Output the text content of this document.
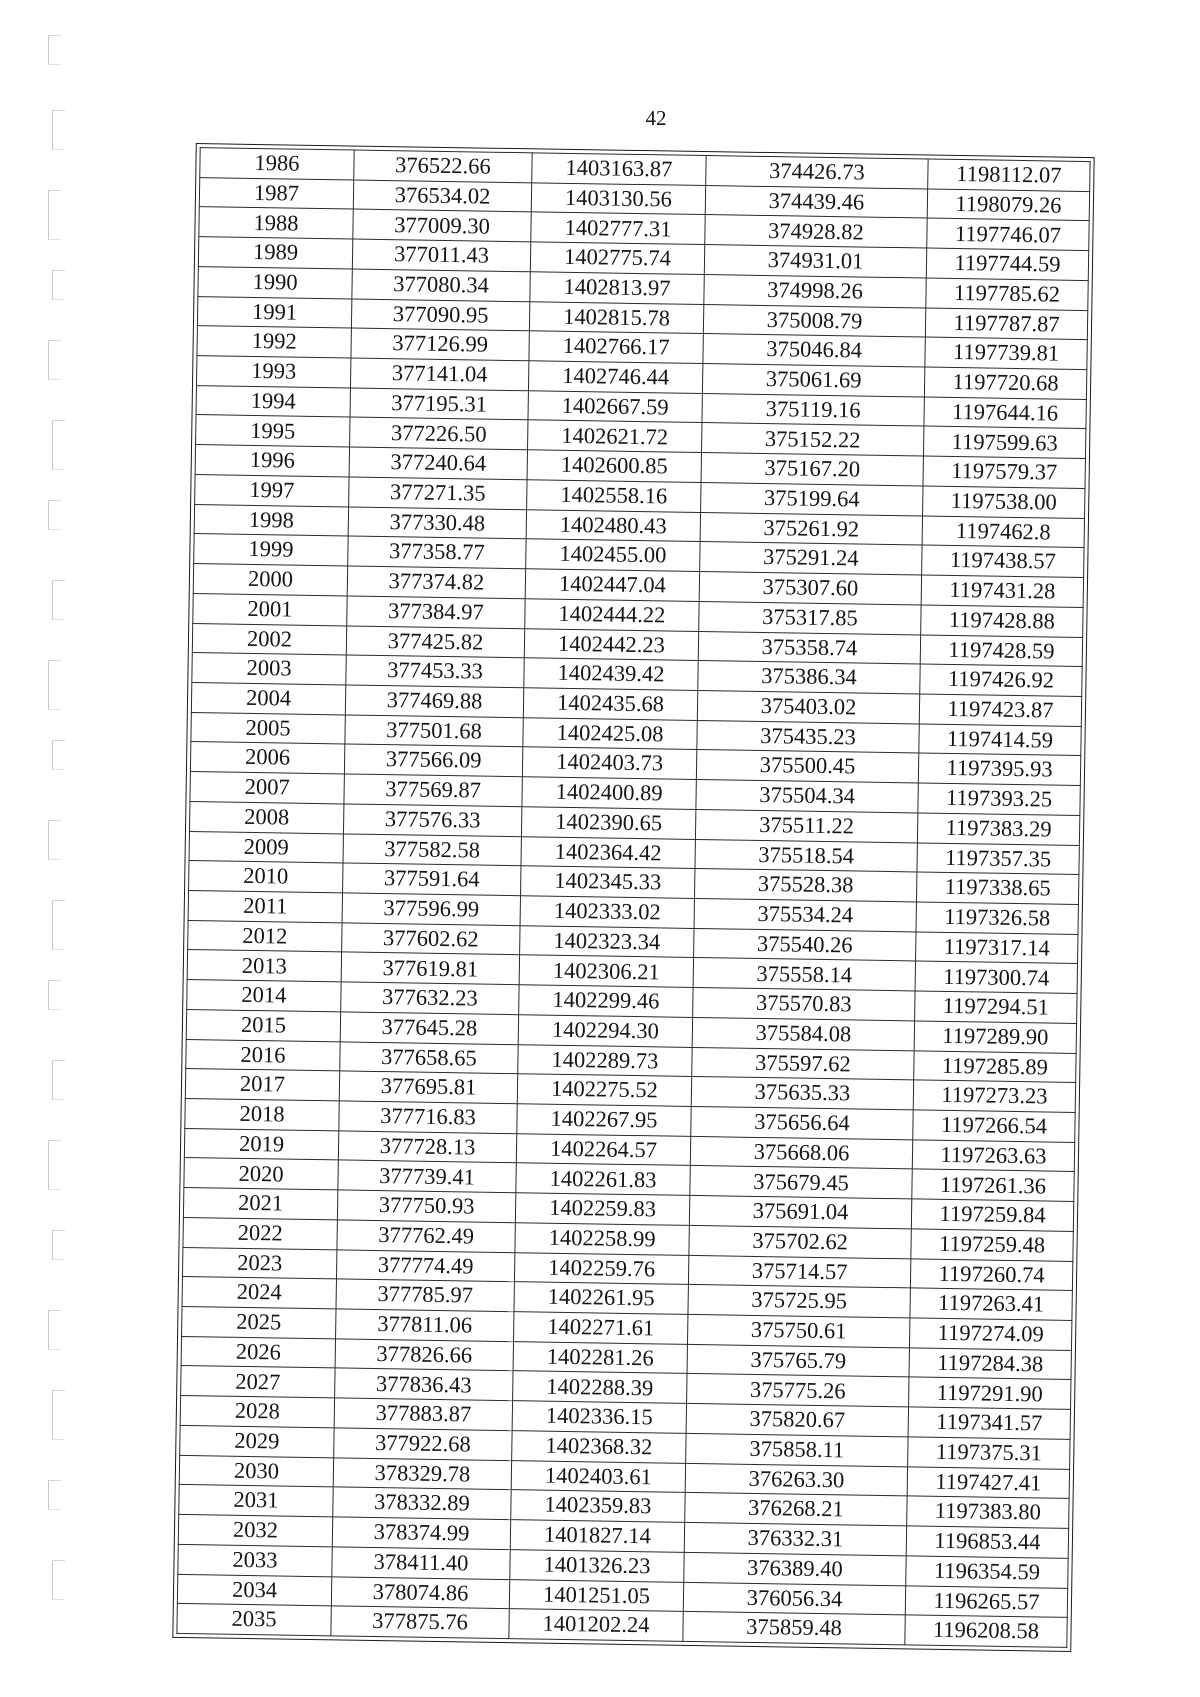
42
1986	376522.66	1403163.87	374426.73	1198112.07
1987	376534.02	1403130.56	374439.46	1198079.26
1988	377009.30	1402777.31	374928.82	1197746.07
1989	377011.43	1402775.74	374931.01	1197744.59
1990	377080.34	1402813.97	374998.26	1197785.62
1991	377090.95	1402815.78	375008.79	1197787.87
1992	377126.99	1402766.17	375046.84	1197739.81
1993	377141.04	1402746.44	375061.69	1197720.68
1994	377195.31	1402667.59	375119.16	1197644.16
1995	377226.50	1402621.72	375152.22	1197599.63
1996	377240.64	1402600.85	375167.20	1197579.37
1997	377271.35	1402558.16	375199.64	1197538.00
1998	377330.48	1402480.43	375261.92	1197462.8
1999	377358.77	1402455.00	375291.24	1197438.57
2000	377374.82	1402447.04	375307.60	1197431.28
2001	377384.97	1402444.22	375317.85	1197428.88
2002	377425.82	1402442.23	375358.74	1197428.59
2003	377453.33	1402439.42	375386.34	1197426.92
2004	377469.88	1402435.68	375403.02	1197423.87
2005	377501.68	1402425.08	375435.23	1197414.59
2006	377566.09	1402403.73	375500.45	1197395.93
2007	377569.87	1402400.89	375504.34	1197393.25
2008	377576.33	1402390.65	375511.22	1197383.29
2009	377582.58	1402364.42	375518.54	1197357.35
2010	377591.64	1402345.33	375528.38	1197338.65
2011	377596.99	1402333.02	375534.24	1197326.58
2012	377602.62	1402323.34	375540.26	1197317.14
2013	377619.81	1402306.21	375558.14	1197300.74
2014	377632.23	1402299.46	375570.83	1197294.51
2015	377645.28	1402294.30	375584.08	1197289.90
2016	377658.65	1402289.73	375597.62	1197285.89
2017	377695.81	1402275.52	375635.33	1197273.23
2018	377716.83	1402267.95	375656.64	1197266.54
2019	377728.13	1402264.57	375668.06	1197263.63
2020	377739.41	1402261.83	375679.45	1197261.36
2021	377750.93	1402259.83	375691.04	1197259.84
2022	377762.49	1402258.99	375702.62	1197259.48
2023	377774.49	1402259.76	375714.57	1197260.74
2024	377785.97	1402261.95	375725.95	1197263.41
2025	377811.06	1402271.61	375750.61	1197274.09
2026	377826.66	1402281.26	375765.79	1197284.38
2027	377836.43	1402288.39	375775.26	1197291.90
2028	377883.87	1402336.15	375820.67	1197341.57
2029	377922.68	1402368.32	375858.11	1197375.31
2030	378329.78	1402403.61	376263.30	1197427.41
2031	378332.89	1402359.83	376268.21	1197383.80
2032	378374.99	1401827.14	376332.31	1196853.44
2033	378411.40	1401326.23	376389.40	1196354.59
2034	378074.86	1401251.05	376056.34	1196265.57
2035	377875.76	1401202.24	375859.48	1196208.58
